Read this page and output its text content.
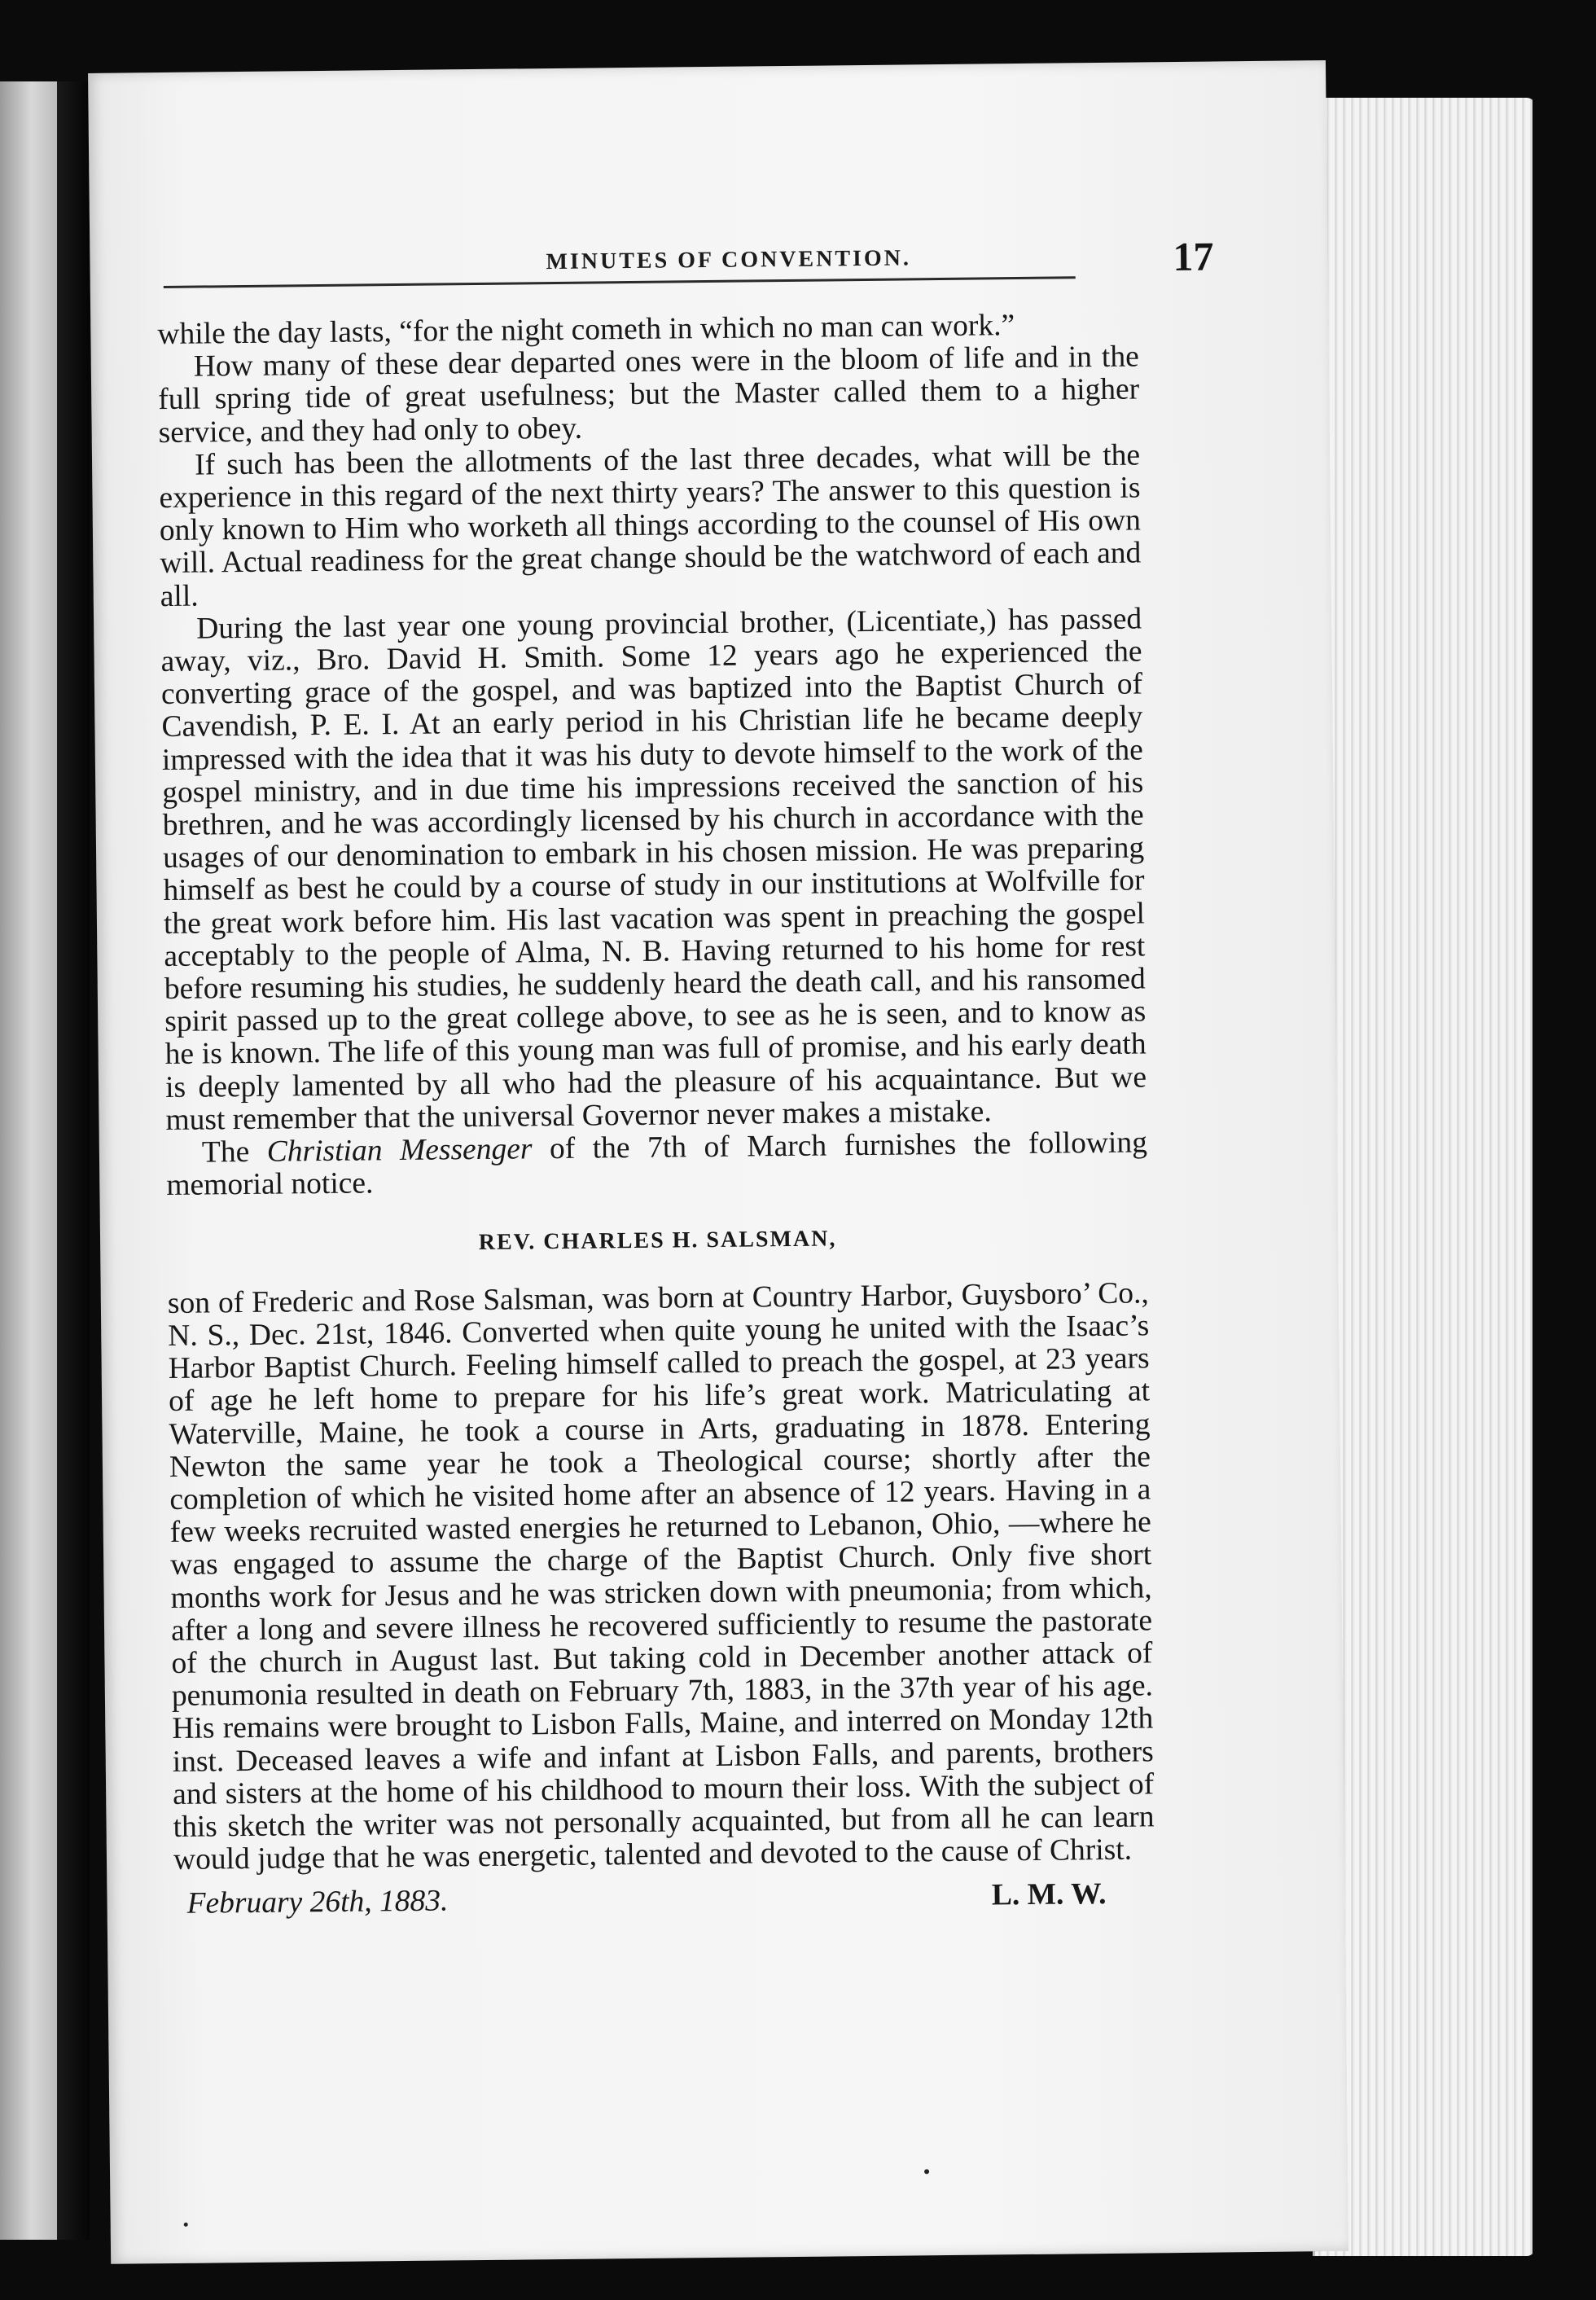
MINUTES OF CONVENTION.	17

while the day lasts, “for the night cometh in which no man can work.”

How many of these dear departed ones were in the bloom of life and in the full spring tide of great usefulness; but the Master called them to a higher service, and they had only to obey.

If such has been the allotments of the last three decades, what will be the experience in this regard of the next thirty years? The answer to this question is only known to Him who worketh all things according to the counsel of His own will. Actual readiness for the great change should be the watchword of each and all.

During the last year one young provincial brother, (Licentiate,) has passed away, viz., Bro. David H. Smith. Some 12 years ago he experienced the converting grace of the gospel, and was baptized into the Baptist Church of Cavendish, P. E. I. At an early period in his Christian life he became deeply impressed with the idea that it was his duty to devote himself to the work of the gospel ministry, and in due time his impressions received the sanction of his brethren, and he was accordingly licensed by his church in accordance with the usages of our denomination to embark in his chosen mission. He was preparing himself as best he could by a course of study in our institutions at Wolfville for the great work before him. His last vacation was spent in preaching the gospel acceptably to the people of Alma, N. B. Having returned to his home for rest before resuming his studies, he suddenly heard the death call, and his ransomed spirit passed up to the great college above, to see as he is seen, and to know as he is known. The life of this young man was full of promise, and his early death is deeply lamented by all who had the pleasure of his acquaintance. But we must remember that the universal Governor never makes a mistake.

The Christian Messenger of the 7th of March furnishes the following memorial notice.

REV. CHARLES H. SALSMAN,

son of Frederic and Rose Salsman, was born at Country Harbor, Guysboro’ Co., N. S., Dec. 21st, 1846. Converted when quite young he united with the Isaac’s Harbor Baptist Church. Feeling himself called to preach the gospel, at 23 years of age he left home to prepare for his life’s great work. Matriculating at Waterville, Maine, he took a course in Arts, graduating in 1878. Entering Newton the same year he took a Theological course; shortly after the completion of which he visited home after an absence of 12 years. Having in a few weeks recruited wasted energies he returned to Lebanon, Ohio, —where he was engaged to assume the charge of the Baptist Church. Only five short months work for Jesus and he was stricken down with pneumonia; from which, after a long and severe illness he recovered sufficiently to resume the pastorate of the church in August last. But taking cold in December another attack of penumonia resulted in death on February 7th, 1883, in the 37th year of his age. His remains were brought to Lisbon Falls, Maine, and interred on Monday 12th inst. Deceased leaves a wife and infant at Lisbon Falls, and parents, brothers and sisters at the home of his childhood to mourn their loss. With the subject of this sketch the writer was not personally acquainted, but from all he can learn would judge that he was energetic, talented and devoted to the cause of Christ.

February 26th, 1883.	L. M. W.
